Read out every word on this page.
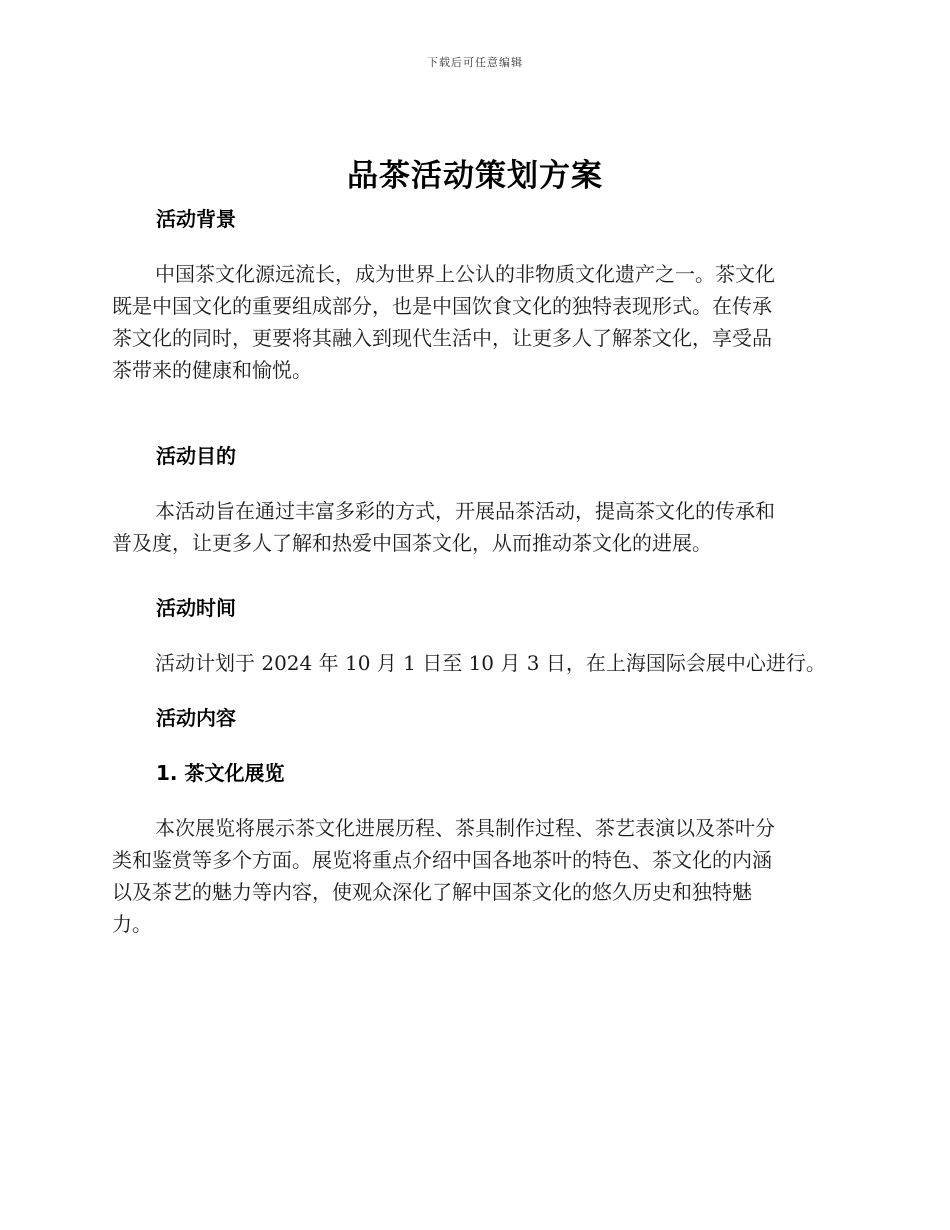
下载后可任意编辑
品茶活动策划方案
活动背景

中国茶文化源远流长，成为世界上公认的非物质文化遗产之一。茶文化
既是中国文化的重要组成部分，也是中国饮食文化的独特表现形式。在传承
茶文化的同时，更要将其融入到现代生活中，让更多人了解茶文化，享受品
茶带来的健康和愉悦。

活动目的

本活动旨在通过丰富多彩的方式，开展品茶活动，提高茶文化的传承和
普及度，让更多人了解和热爱中国茶文化，从而推动茶文化的进展。

活动时间

活动计划于 2024 年 10 月 1 日至 10 月 3 日，在上海国际会展中心进行。

活动内容
1. 茶文化展览

本次展览将展示茶文化进展历程、茶具制作过程、茶艺表演以及茶叶分
类和鉴赏等多个方面。展览将重点介绍中国各地茶叶的特色、茶文化的内涵
以及茶艺的魅力等内容，使观众深化了解中国茶文化的悠久历史和独特魅
力。
